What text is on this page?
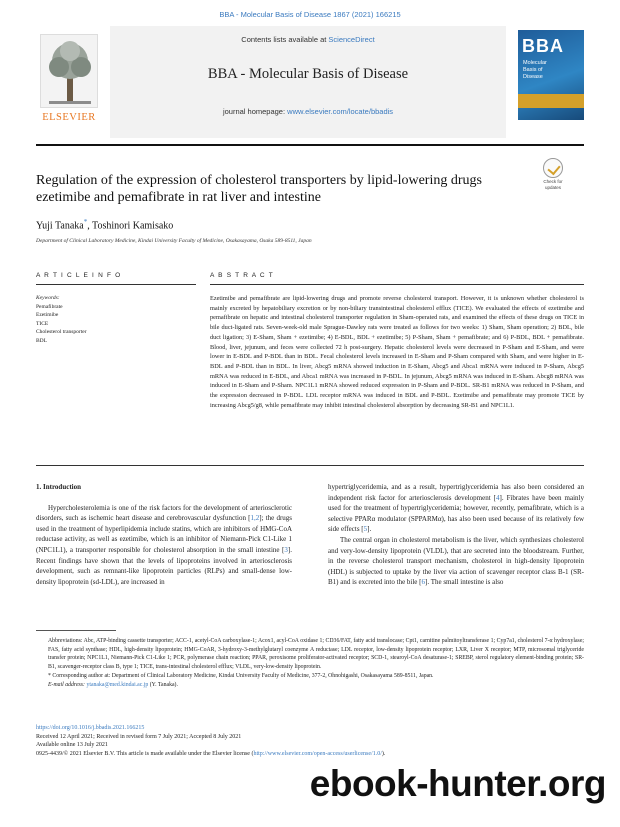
BBA - Molecular Basis of Disease 1867 (2021) 166215
ELSEVIER
Contents lists available at ScienceDirect
BBA - Molecular Basis of Disease
journal homepage: www.elsevier.com/locate/bbadis
BBA
Molecular
Basis of
Disease
Check for
updates
Regulation of the expression of cholesterol transporters by lipid-lowering drugs ezetimibe and pemafibrate in rat liver and intestine
Yuji Tanaka*, Toshinori Kamisako
Department of Clinical Laboratory Medicine, Kindai University Faculty of Medicine, Osakasayama, Osaka 589-8511, Japan
A R T I C L E I N F O	A B S T R A C T
Keywords:
Pemafibrate
Ezetimibe
TICE
Cholesterol transporter
BDL
Ezetimibe and pemafibrate are lipid-lowering drugs and promote reverse cholesterol transport. However, it is unknown whether cholesterol is mainly excreted by hepatobiliary excretion or by non-biliary transintestinal cholesterol efflux (TICE). We evaluated the effects of ezetimibe and pemafibrate on hepatic and intestinal cholesterol transporter regulation in Sham-operated rats, and examined the effects of these drugs on TICE in bile duct-ligated rats. Seven-week-old male Sprague-Dawley rats were treated as follows for two weeks: 1) Sham, Sham operation; 2) BDL, bile duct ligation; 3) E-Sham, Sham + ezetimibe; 4) E-BDL, BDL + ezetimibe; 5) P-Sham, Sham + pemafibrate; and 6) P-BDL, BDL + pemafibrate. Blood, liver, jejunum, and feces were collected 72 h post-surgery. Hepatic cholesterol levels were decreased in P-Sham and E-Sham, and were lower in E-BDL and P-BDL than in BDL. Fecal cholesterol levels increased in E-Sham and P-Sham compared with Sham, and were higher in E-BDL and P-BDL than in BDL. In liver, Abcg5 mRNA showed induction in E-Sham, Abcg5 and Abca1 mRNA were induced in P-Sham, Abcg5 mRNA was reduced in E-BDL, and Abca1 mRNA was increased in P-BDL. In jejunum, Abcg5 mRNA was induced in E-Sham. Abcg8 mRNA was induced in E-Sham and P-Sham. NPC1L1 mRNA showed reduced expression in P-Sham and P-BDL. SR-B1 mRNA was reduced in P-Sham, and the expression decreased in P-BDL. LDL receptor mRNA was induced in BDL and P-BDL. Ezetimibe and pemafibrate may promote TICE by increasing Abcg5/g8, while pemafibrate may inhibit intestinal cholesterol absorption by decreasing SR-B1 and NPC1L1.
1. Introduction

Hypercholesterolemia is one of the risk factors for the development of arteriosclerotic disorders, such as ischemic heart disease and cerebrovascular dysfunction [1,2]; the drugs used in the treatment of hyperlipidemia include statins, which are inhibitors of HMG-CoA reductase activity, as well as ezetimibe, which is an inhibitor of Niemann-Pick C1-Like 1 (NPC1L1), a transporter responsible for cholesterol absorption in the small intestine [3]. Recent findings have shown that the levels of lipoproteins involved in arteriosclerosis development, such as remnant-like lipoprotein particles (RLPs) and small-dense low-density lipoprotein (sd-LDL), are increased in

hypertriglyceridemia, and as a result, hypertriglyceridemia has also been considered an independent risk factor for arteriosclerosis development [4]. Fibrates have been mainly used for the treatment of hypertriglyceridemia; however, recently, pemafibrate, which is a selective PPARα modulator (SPPARMα), has also been used because of its relatively few side effects [5].

The central organ in cholesterol metabolism is the liver, which synthesizes cholesterol and very-low-density lipoprotein (VLDL), that are secreted into the bloodstream. Further, in the reverse cholesterol transport mechanism, cholesterol in high-density lipoprotein (HDL) is subjected to uptake by the liver via action of scavenger receptor class B-1 (SR-B1) and is excreted into the bile [6]. The small intestine is also

Abbreviations: Abc, ATP-binding cassette transporter; ACC-1, acetyl-CoA carboxylase-1; Acox1, acyl-CoA oxidase 1; CD36/FAT, fatty acid translocase; Cpt1, carnitine palmitoyltransferase 1; Cyp7a1, cholesterol 7-α hydroxylase; FAS, fatty acid synthase; HDL, high-density lipoprotein; HMG-CoAR, 3-hydroxy-3-methylglutaryl coenzyme A reductase; LDL receptor, low-density lipoprotein receptor; LXR, Liver X receptor; MTP, microsomal triglyceride transfer protein; NPC1L1, Niemann-Pick C1-Like 1; PCR, polymerase chain reaction; PPAR, peroxisome proliferator-activated receptor; SCD-1, stearoyl-CoA desaturase-1; SREBP, sterol regulatory element-binding protein; SR-B1, scavenger-receptor class B, type 1; TICE, trans-intestinal cholesterol efflux; VLDL, very-low-density lipoprotein.
* Corresponding author at: Department of Clinical Laboratory Medicine, Kindai University Faculty of Medicine, 377-2, Ohnohigashi, Osakasayama 589-8511, Japan.
E-mail address: ytanaka@med.kindai.ac.jp (Y. Tanaka).
https://doi.org/10.1016/j.bbadis.2021.166215
Received 12 April 2021; Received in revised form 7 July 2021; Accepted 8 July 2021
Available online 13 July 2021
0925-4439/© 2021 Elsevier B.V. This article is made available under the Elsevier license (http://www.elsevier.com/open-access/userlicense/1.0/).
ebook-hunter.org
